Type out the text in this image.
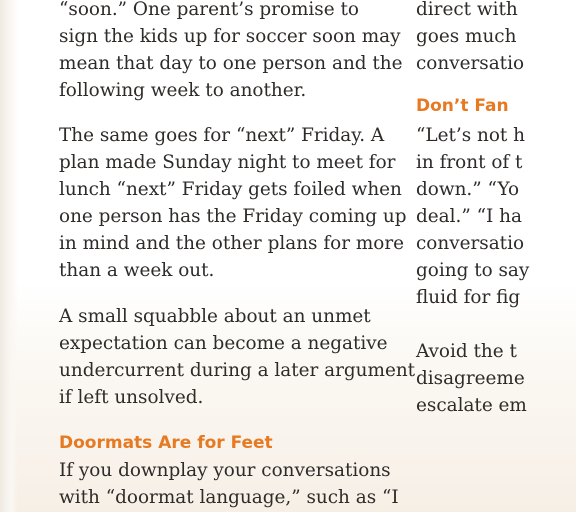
“soon.” One parent’s promise to
sign the kids up for soccer soon may
mean that day to one person and the
following week to another.
The same goes for “next” Friday. A
plan made Sunday night to meet for
lunch “next” Friday gets foiled when
one person has the Friday coming up
in mind and the other plans for more
than a week out.
A small squabble about an unmet
expectation can become a negative
undercurrent during a later argument
if left unsolved.
If you downplay your conversations
with “doormat language,” such as “I
Doormats Are for Feet
direct with
goes much
conversatio
“Let’s not h
in front of t
down.” “Yo
deal.” “I ha
conversatio
going to say
fluid for fig
Avoid the t
disagreeme
escalate em
Don’t Fan
